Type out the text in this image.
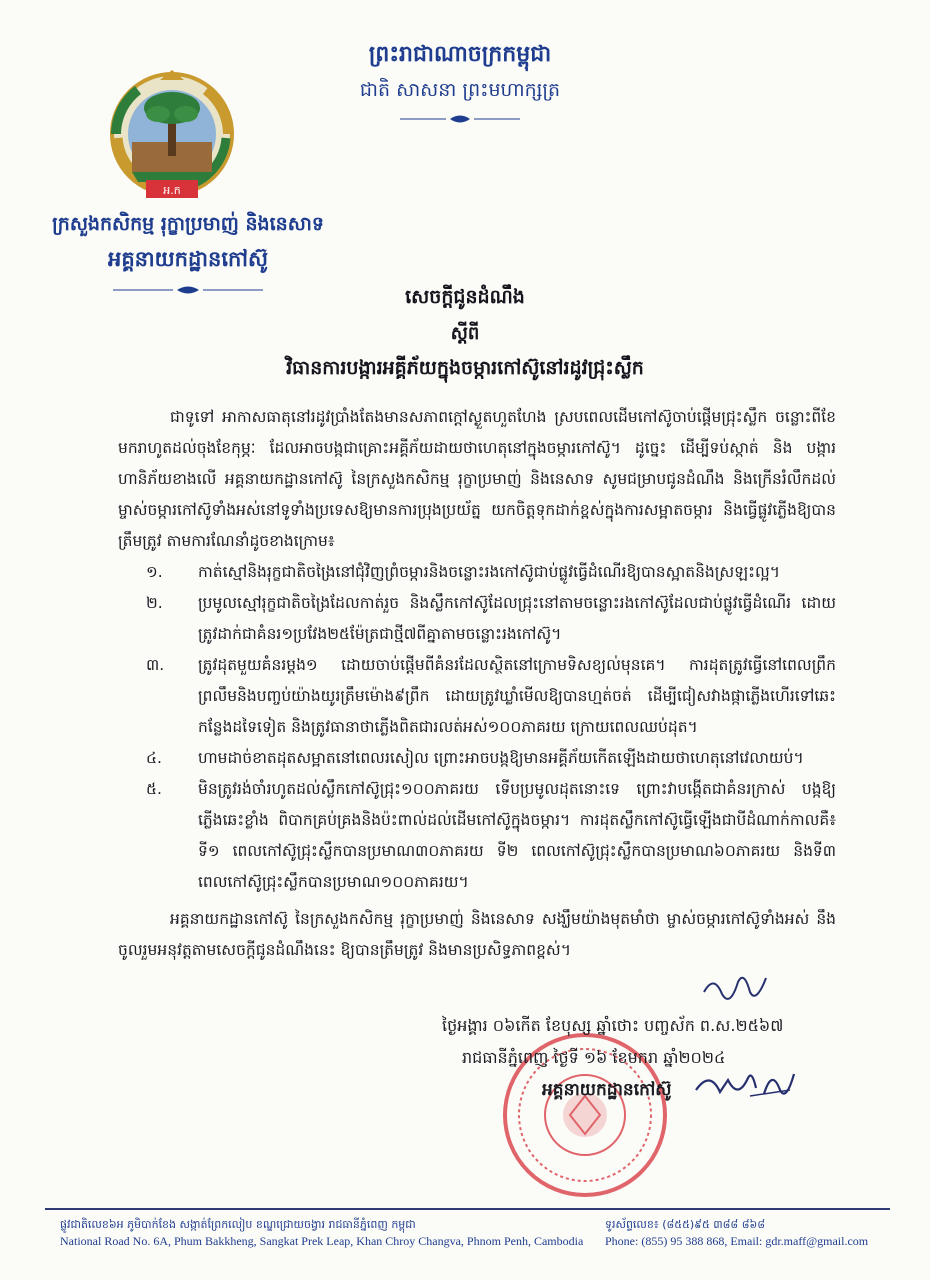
អ.ក
ព្រះរាជាណាចក្រកម្ពុជា
ជាតិ សាសនា ព្រះមហាក្សត្រ
ក្រសួងកសិកម្ម រុក្ខាប្រមាញ់ និងនេសាទ
អគ្គនាយកដ្ឋានកៅស៊ូ
សេចក្តីជូនដំណឹង
ស្តីពី
វិធានការបង្ការអគ្គីភ័យក្នុងចម្ការកៅស៊ូនៅរដូវជ្រុះស្លឹក

ជាទូទៅ អាកាសធាតុនៅរដូវប្រាំងតែងមានសភាពក្តៅស្ងួតហួតហែង ស្របពេលដើមកៅស៊ូចាប់ផ្តើមជ្រុះស្លឹក ចន្លោះពីខែមករាហូតដល់ចុងខែកុម្ភៈ ដែលអាចបង្កជាគ្រោះអគ្គីភ័យដាយថាហេតុនៅក្នុងចម្ការកៅស៊ូ។ ដូច្នេះ ដើម្បីទប់ស្កាត់ និង បង្ការ ហានិភ័យខាងលើ អគ្គនាយកដ្ឋានកៅស៊ូ នៃក្រសួងកសិកម្ម រុក្ខាប្រមាញ់ និងនេសាទ សូមជម្រាបជូនដំណឹង និងក្រើនរំលឹកដល់ម្ចាស់ចម្ការកៅស៊ូទាំងអស់នៅទូទាំងប្រទេសឱ្យមានការប្រុងប្រយ័ត្ន យកចិត្តទុកដាក់ខ្ពស់ក្នុងការសម្អាតចម្ការ និងធ្វើផ្លូវភ្លើងឱ្យបានត្រឹមត្រូវ តាមការណែនាំដូចខាងក្រោម៖

១.	កាត់ស្មៅនិងរុក្ខជាតិចង្រៃនៅជុំវិញព្រំចម្ការនិងចន្លោះរងកៅស៊ូជាប់ផ្លូវធ្វើដំណើរឱ្យបានស្អាតនិងស្រឡះល្អ។
២.	ប្រមូលស្មៅរុក្ខជាតិចង្រៃដែលកាត់រួច និងស្លឹកកៅស៊ូដែលជ្រុះនៅតាមចន្លោះរងកៅស៊ូដែលជាប់ផ្លូវធ្វើដំណើរ ដោយត្រូវដាក់ជាគំនរ១ប្រវែង២៥ម៉ែត្រជាថ្មី៧ពីគ្នាតាមចន្លោះរងកៅស៊ូ។
៣.	ត្រូវដុតមួយគំនរម្តង១ ដោយចាប់ផ្តើមពីគំនរដែលស្ថិតនៅក្រោមទិសខ្យល់មុនគេ។ ការដុតត្រូវធ្វើនៅពេលព្រឹកព្រលឹមនិងបញ្ចប់យ៉ាងយូរត្រឹមម៉ោង៩ព្រឹក ដោយត្រូវឃ្លាំមើលឱ្យបានហ្មត់ចត់ ដើម្បីជៀសវាងផ្កាភ្លើងហើរទៅឆេះកន្លែងដទៃទៀត និងត្រូវធានាថាភ្លើងពិតជារលត់អស់១០០ភាគរយ ក្រោយពេលឈប់ដុត។
៤.	ហាមដាច់ខាតដុតសម្អាតនៅពេលរសៀល ព្រោះអាចបង្កឱ្យមានអគ្គីភ័យកើតឡើងដាយថាហេតុនៅវេលាយប់។
៥.	មិនត្រូវរង់ចាំរហូតដល់ស្លឹកកៅស៊ូជ្រុះ១០០ភាគរយ ទើបប្រមូលដុតនោះទេ ព្រោះវាបង្កើតជាគំនរក្រាស់ បង្កឱ្យភ្លើងឆេះខ្លាំង ពិបាកគ្រប់គ្រងនិងប៉ះពាល់ដល់ដើមកៅស៊ូក្នុងចម្ការ។ ការដុតស្លឹកកៅស៊ូធ្វើឡើងជាបីដំណាក់កាលគឺ៖ ទី១ ពេលកៅស៊ូជ្រុះស្លឹកបានប្រមាណ៣០ភាគរយ ទី២ ពេលកៅស៊ូជ្រុះស្លឹកបានប្រមាណ៦០ភាគរយ និងទី៣ ពេលកៅស៊ូជ្រុះស្លឹកបានប្រមាណ១០០ភាគរយ។

អគ្គនាយកដ្ឋានកៅស៊ូ នៃក្រសួងកសិកម្ម រុក្ខាប្រមាញ់ និងនេសាទ សង្ឃឹមយ៉ាងមុតមាំថា ម្ចាស់ចម្ការកៅស៊ូទាំងអស់ នឹងចូលរួមអនុវត្តតាមសេចក្តីជូនដំណឹងនេះ ឱ្យបានត្រឹមត្រូវ និងមានប្រសិទ្ធភាពខ្ពស់។

ថ្ងៃអង្គារ ០៦កើត ខែបុស្ស ឆ្នាំថោះ បញ្ចស័ក ព.ស.២៥៦៧
រាជធានីភ្នំពេញ ថ្ងៃទី ១៦ ខែមករា ឆ្នាំ២០២៤
អគ្គនាយកដ្ឋានកៅស៊ូ
ផ្លូវជាតិលេខ៦អ ភូមិបាក់ខែង សង្កាត់ព្រែកលៀប ខណ្ឌជ្រោយចង្វារ រាជធានីភ្នំពេញ កម្ពុជា
National Road No. 6A, Phum Bakkheng, Sangkat Prek Leap, Khan Chroy Changva, Phnom Penh, Cambodia
ទូរស័ព្ទលេខ៖ (៨៥៥)៩៥ ៣៨៨ ៨៦៨
Phone: (855) 95 388 868, Email: gdr.maff@gmail.com
